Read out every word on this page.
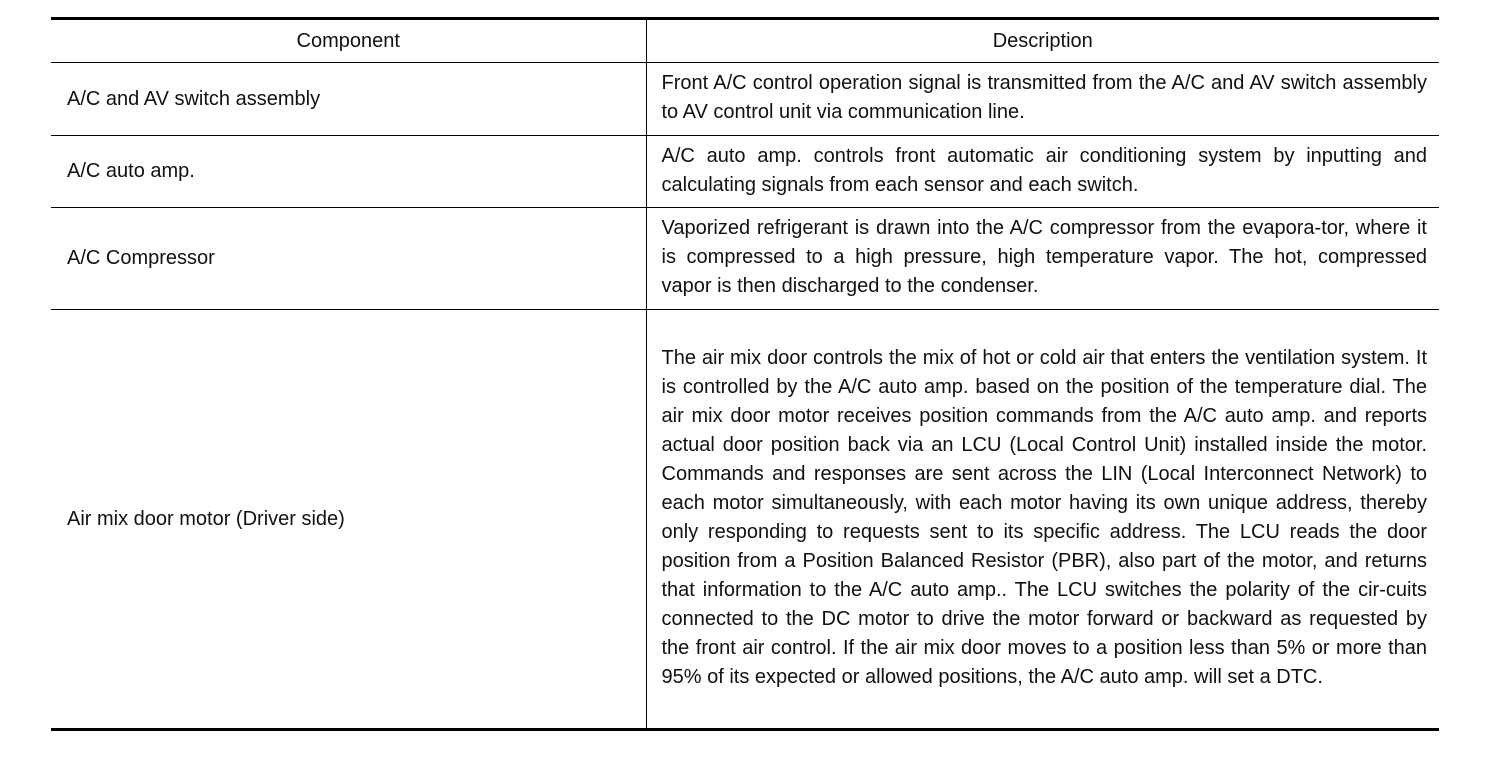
Component	Description
A/C and AV switch assembly	Front A/C control operation signal is transmitted from the A/C and AV switch assembly to AV control unit via communication line.
A/C auto amp.	A/C auto amp. controls front automatic air conditioning system by inputting and calculating signals from each sensor and each switch.
A/C Compressor	Vaporized refrigerant is drawn into the A/C compressor from the evapora-tor, where it is compressed to a high pressure, high temperature vapor. The hot, compressed vapor is then discharged to the condenser.
Air mix door motor (Driver side)	The air mix door controls the mix of hot or cold air that enters the ventilation system. It is controlled by the A/C auto amp. based on the position of the temperature dial. The air mix door motor receives position commands from the A/C auto amp. and reports actual door position back via an LCU (Local Control Unit) installed inside the motor. Commands and responses are sent across the LIN (Local Interconnect Network) to each motor simultaneously, with each motor having its own unique address, thereby only responding to requests sent to its specific address. The LCU reads the door position from a Position Balanced Resistor (PBR), also part of the motor, and returns that information to the A/C auto amp.. The LCU switches the polarity of the cir-cuits connected to the DC motor to drive the motor forward or backward as requested by the front air control. If the air mix door moves to a position less than 5% or more than 95% of its expected or allowed positions, the A/C auto amp. will set a DTC.
